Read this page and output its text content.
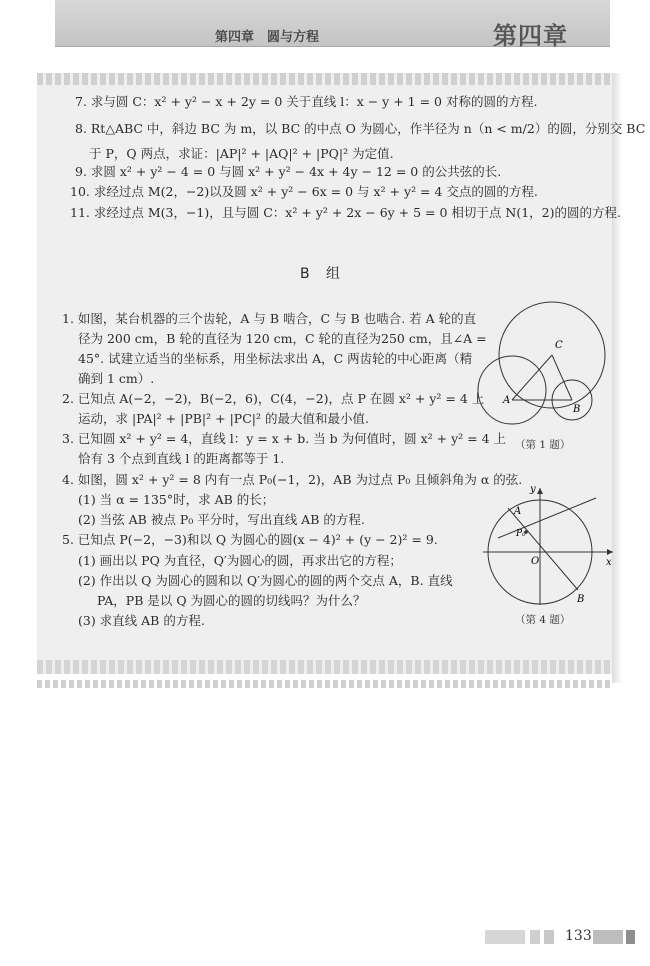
第四章　圆与方程	第四章
7. 求与圆 C：x² + y² − x + 2y = 0 关于直线 l：x − y + 1 = 0 对称的圆的方程.
8. Rt△ABC 中，斜边 BC 为 m，以 BC 的中点 O 为圆心，作半径为 n（n < m/2）的圆，分别交 BC
于 P，Q 两点，求证：|AP|² + |AQ|² + |PQ|² 为定值.
9. 求圆 x² + y² − 4 = 0 与圆 x² + y² − 4x + 4y − 12 = 0 的公共弦的长.
10. 求经过点 M(2，−2)以及圆 x² + y² − 6x = 0 与 x² + y² = 4 交点的圆的方程.
11. 求经过点 M(3，−1)，且与圆 C：x² + y² + 2x − 6y + 5 = 0 相切于点 N(1，2)的圆的方程.
B 组
1. 如图，某台机器的三个齿轮，A 与 B 啮合，C 与 B 也啮合. 若 A 轮的直
径为 200 cm，B 轮的直径为 120 cm，C 轮的直径为250 cm，且∠A =
45°. 试建立适当的坐标系，用坐标法求出 A，C 两齿轮的中心距离（精
确到 1 cm）.
2. 已知点 A(−2，−2)，B(−2，6)，C(4，−2)，点 P 在圆 x² + y² = 4 上
运动，求 |PA|² + |PB|² + |PC|² 的最大值和最小值.
3. 已知圆 x² + y² = 4，直线 l：y = x + b. 当 b 为何值时，圆 x² + y² = 4 上
恰有 3 个点到直线 l 的距离都等于 1.
4. 如图，圆 x² + y² = 8 内有一点 P₀(−1，2)，AB 为过点 P₀ 且倾斜角为 α 的弦.
(1) 当 α = 135°时，求 AB 的长；
(2) 当弦 AB 被点 P₀ 平分时，写出直线 AB 的方程.
5. 已知点 P(−2，−3)和以 Q 为圆心的圆(x − 4)² + (y − 2)² = 9.
(1) 画出以 PQ 为直径，Q′为圆心的圆，再求出它的方程；
(2) 作出以 Q 为圆心的圆和以 Q′为圆心的圆的两个交点 A，B. 直线
PA，PB 是以 Q 为圆心的圆的切线吗？为什么？
(3) 求直线 AB 的方程.
C
A
B
（第 1 题）
y
x
A
B
P₀
O
（第 4 题）
133
